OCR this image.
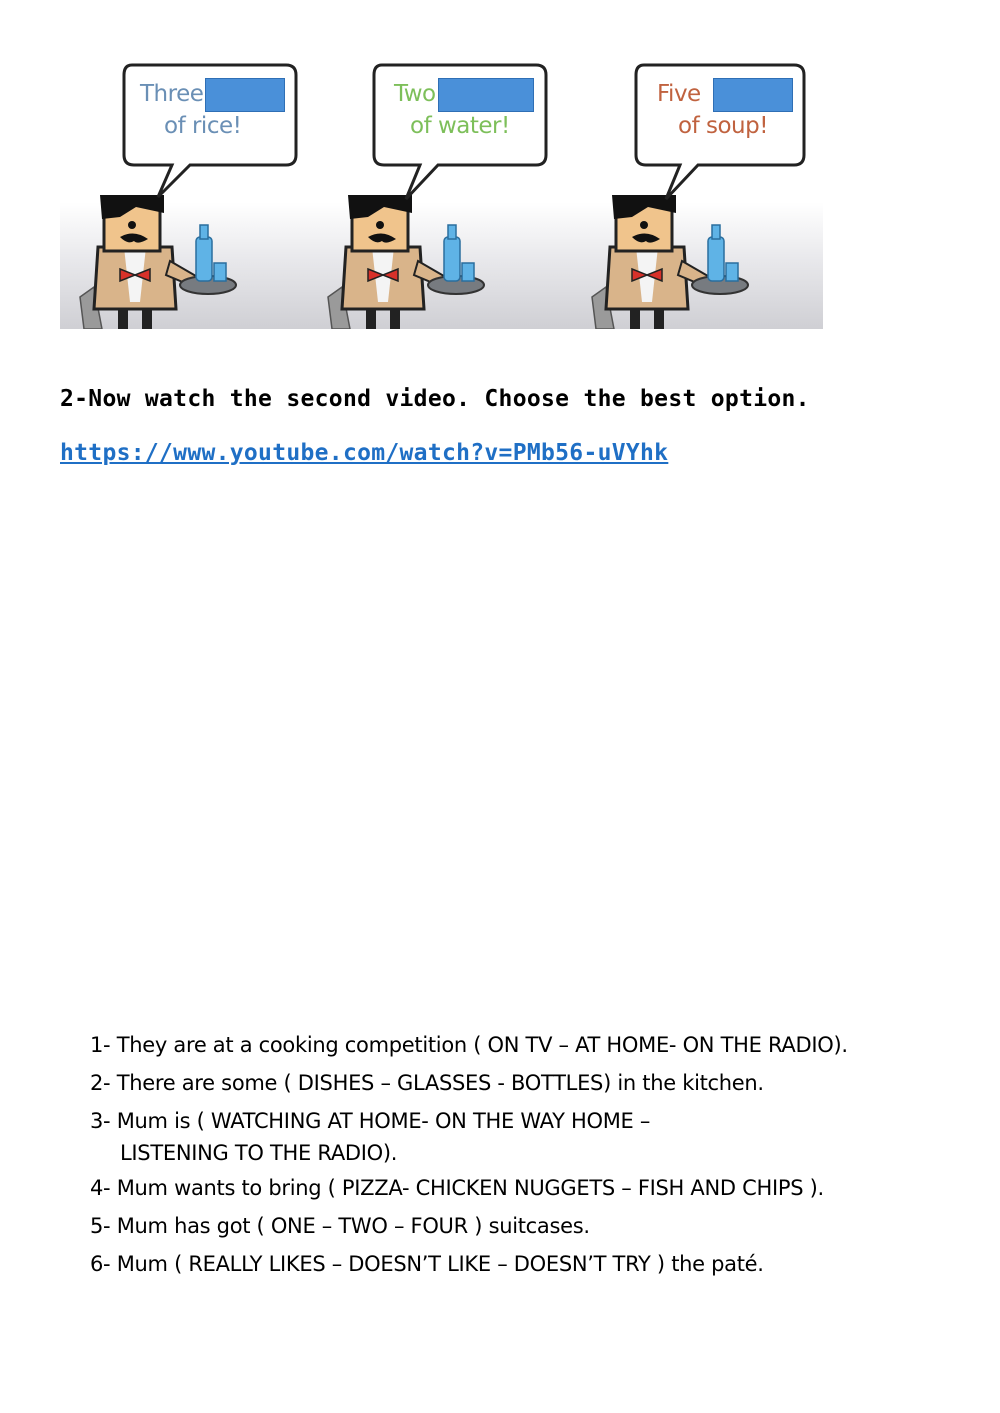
Three
of rice!
Two
of water!
Five
of soup!
2-Now watch the second video. Choose the best option.
https://www.youtube.com/watch?v=PMb56-uVYhk
1- They are at a cooking competition ( ON TV – AT HOME- ON THE RADIO).
2- There are some ( DISHES – GLASSES - BOTTLES) in the kitchen.
3- Mum is ( WATCHING AT HOME- ON THE WAY HOME –
LISTENING TO THE RADIO).
4- Mum wants to bring ( PIZZA- CHICKEN NUGGETS – FISH AND CHIPS ).
5- Mum has got ( ONE – TWO – FOUR ) suitcases.
6- Mum ( REALLY LIKES – DOESN’T LIKE – DOESN’T TRY ) the paté.
